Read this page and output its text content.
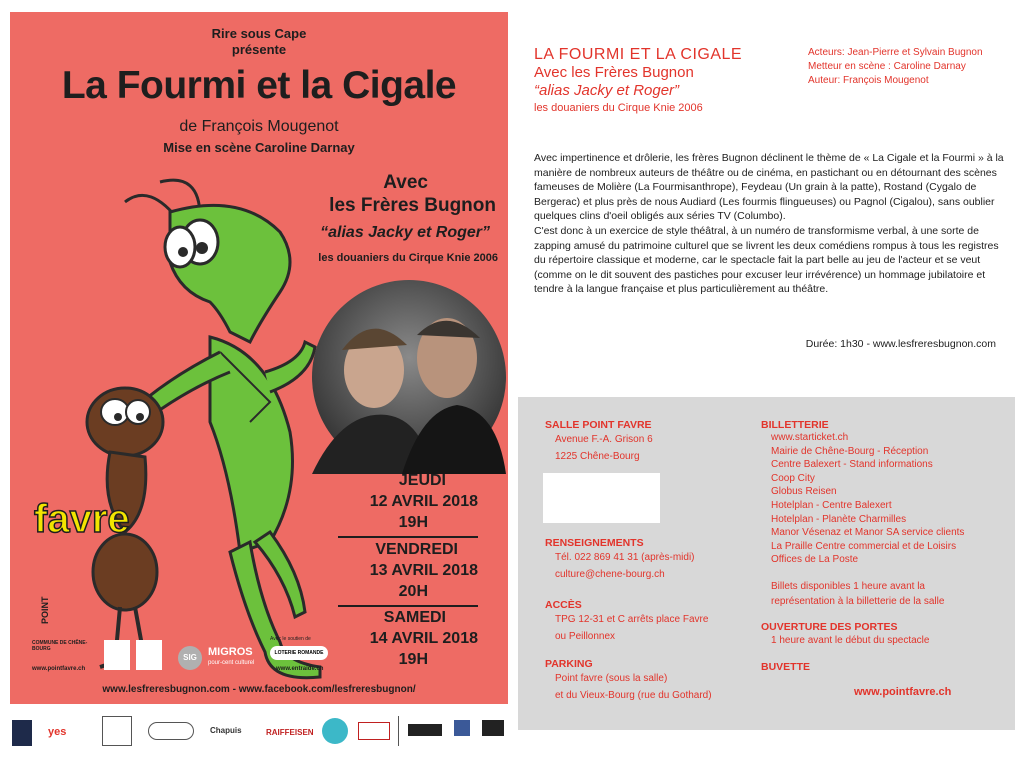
Rire sous Cape
présente
La Fourmi et la Cigale
de François Mougenot
Mise en scène Caroline Darnay
Avec
les Frères Bugnon
“alias Jacky et Roger”
les douaniers du Cirque Knie 2006
favre
POINT
JEUDI
12 AVRIL 2018
19H
VENDREDI
13 AVRIL 2018
20H
SAMEDI
14 AVRIL 2018
19H
COMMUNE DE CHÊNE-BOURG
www.pointfavre.ch
SIG	MIGROS
pour-cent culturel
Avec le soutien de
LOTERIE ROMANDE
www.entraide.ch
www.lesfreresbugnon.com - www.facebook.com/lesfreresbugnon/
yes	Chapuis	RAIFFEISEN
LA FOURMI ET LA CIGALE
Avec les Frères Bugnon
“alias Jacky et Roger”
les douaniers du Cirque Knie 2006
Acteurs: Jean-Pierre et Sylvain Bugnon
Metteur en scène : Caroline Darnay
Auteur: François Mougenot
Avec impertinence et drôlerie, les frères Bugnon déclinent le thème de « La Cigale et la Fourmi » à la manière de nombreux auteurs de théâtre ou de cinéma, en pastichant ou en détournant des scènes fameuses de Molière (La Fourmisanthrope), Feydeau (Un grain à la patte), Rostand (Cygalo de Bergerac) et plus près de nous Audiard (Les fourmis flingueuses) ou Pagnol (Cigalou), sans oublier quelques clins d'oeil obligés aux séries TV (Columbo).
C'est donc à un exercice de style théâtral, à un numéro de transformisme verbal, à une sorte de zapping amusé du patrimoine culturel que se livrent les deux comédiens rompus à tous les registres du répertoire classique et moderne, car le spectacle fait la part belle au jeu de l'acteur et se veut (comme on le dit souvent des pastiches pour excuser leur irrévérence) un hommage jubilatoire et tendre à la langue française et plus particulièrement au théâtre.
Durée: 1h30 - www.lesfreresbugnon.com
SALLE POINT FAVRE
Avenue F.-A. Grison 6
1225 Chêne-Bourg
RENSEIGNEMENTS
Tél. 022 869 41 31 (après-midi)
culture@chene-bourg.ch
ACCÈS
TPG 12-31 et C arrêts place Favre
ou Peillonnex
PARKING
Point favre (sous la salle)
et du Vieux-Bourg (rue du Gothard)
BILLETTERIE
www.starticket.ch
Mairie de Chêne-Bourg - Réception
Centre Balexert - Stand informations
Coop City
Globus Reisen
Hotelplan - Centre Balexert
Hotelplan - Planète Charmilles
Manor Vésenaz et Manor SA service clients
La Praille Centre commercial et de Loisirs
Offices de La Poste
Billets disponibles 1 heure avant la
représentation à la billetterie de la salle
OUVERTURE DES PORTES
1 heure avant le début du spectacle
BUVETTE
www.pointfavre.ch
